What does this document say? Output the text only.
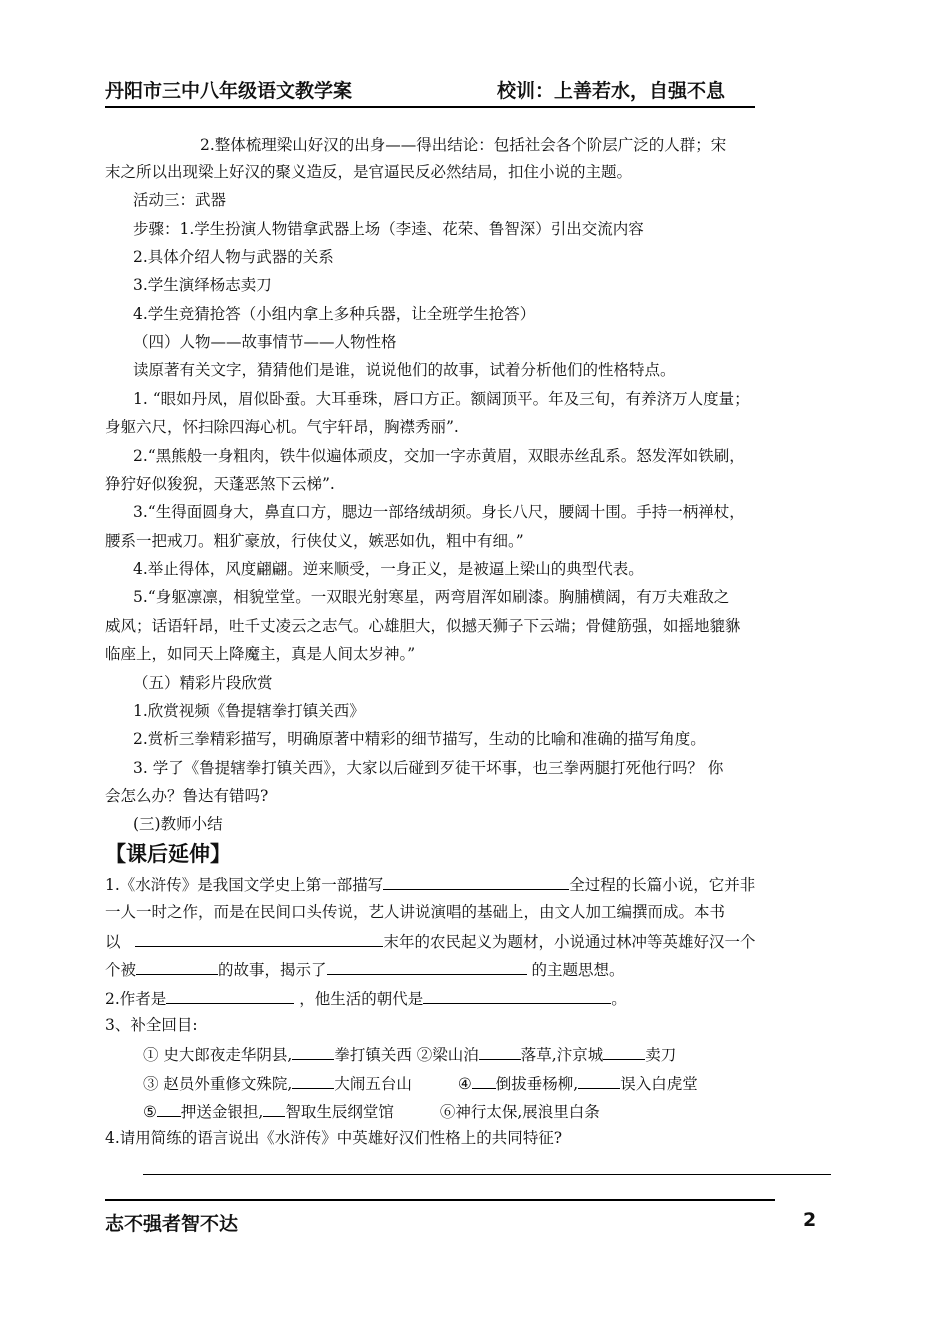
丹阳市三中八年级语文教学案	校训：上善若水，自强不息
2.整体梳理梁山好汉的出身——得出结论：包括社会各个阶层广泛的人群；宋
末之所以出现梁上好汉的聚义造反，是官逼民反必然结局，扣住小说的主题。
活动三：武器
步骤：1.学生扮演人物错拿武器上场（李逵、花荣、鲁智深）引出交流内容
2.具体介绍人物与武器的关系
3.学生演绎杨志卖刀
4.学生竞猜抢答（小组内拿上多种兵器，让全班学生抢答）
（四）人物——故事情节——人物性格
读原著有关文字，猜猜他们是谁，说说他们的故事，试着分析他们的性格特点。
1. “眼如丹凤，眉似卧蚕。大耳垂珠，唇口方正。额阔顶平。年及三旬，有养济万人度量；
身躯六尺，怀扫除四海心机。气宇轩昂，胸襟秀丽”.
2.“黑熊般一身粗肉，铁牛似遍体顽皮，交加一字赤黄眉，双眼赤丝乱系。怒发浑如铁刷，
狰狞好似狻猊，天蓬恶煞下云梯”.
3.“生得面圆身大，鼻直口方，腮边一部络绒胡须。身长八尺，腰阔十围。手持一柄禅杖，
腰系一把戒刀。粗犷豪放，行侠仗义，嫉恶如仇，粗中有细。”
4.举止得体，风度翩翩。逆来顺受，一身正义，是被逼上梁山的典型代表。
5.“身躯凛凛，相貌堂堂。一双眼光射寒星，两弯眉浑如刷漆。胸脯横阔，有万夫难敌之
威风；话语轩昂，吐千丈凌云之志气。心雄胆大，似撼天狮子下云端；骨健筋强，如摇地貔貅
临座上，如同天上降魔主，真是人间太岁神。”
（五）精彩片段欣赏
1.欣赏视频《鲁提辖拳打镇关西》
2.赏析三拳精彩描写，明确原著中精彩的细节描写，生动的比喻和准确的描写角度。
3. 学了《鲁提辖拳打镇关西》，大家以后碰到歹徒干坏事，也三拳两腿打死他行吗？ 你
会怎么办？鲁达有错吗?
(三)教师小结
【课后延伸】
1.《水浒传》是我国文学史上第一部描写	全过程的长篇小说，它并非
一人一时之作，而是在民间口头传说，艺人讲说演唱的基础上，由文人加工编撰而成。本书
以	末年的农民起义为题材，小说通过林冲等英雄好汉一个
个被	的故事，揭示了	的主题思想。
2.作者是	，他生活的朝代是	。
3、补全回目:
① 史大郎夜走华阴县,	拳打镇关西 ②梁山泊	落草,汴京城	卖刀
③ 赵员外重修文殊院,	大闹五台山	④ 倒拔垂杨柳,	误入白虎堂
⑤ 押送金银担, 智取生辰纲堂馆	⑥神行太保,展浪里白条
4.请用简练的语言说出《水浒传》中英雄好汉们性格上的共同特征?
志不强者智不达	2
